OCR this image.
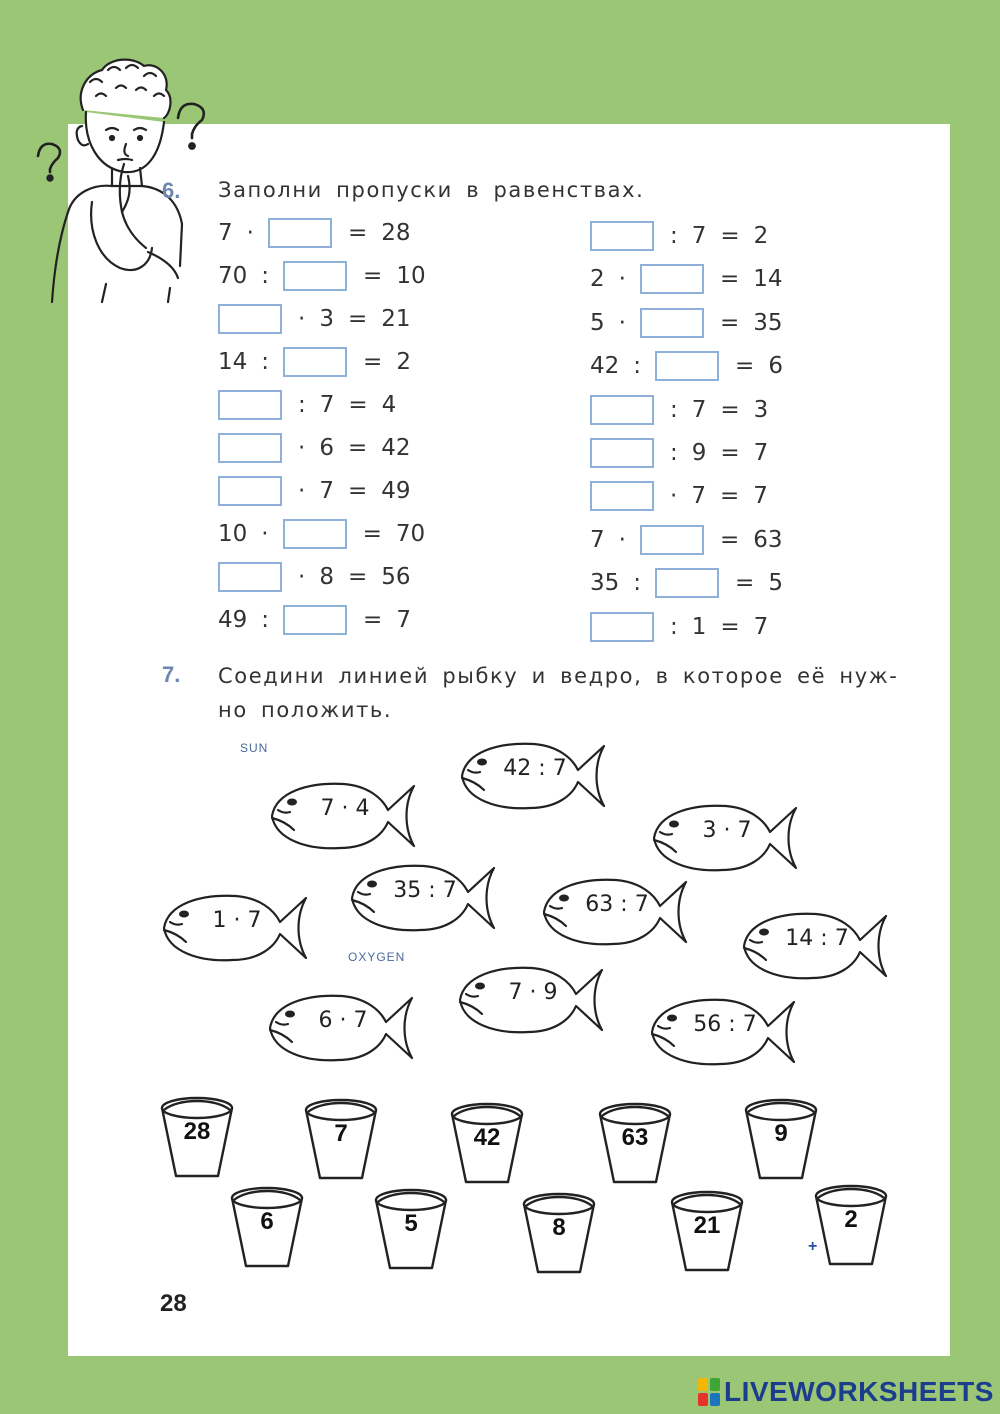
6. Заполни пропуски в равенствах.
7 ·	= 28
70 :	= 10
· 3 = 21
14 :	= 2
: 7 = 4
· 6 = 42
· 7 = 49
10 ·	= 70
· 8 = 56
49 :	= 7
: 7 = 2
2 ·	= 14
5 ·	= 35
42 :	= 6
: 7 = 3
: 9 = 7
· 7 = 7
7 ·	= 63
35 :	= 5
: 1 = 7
7. Соедини линией рыбку и ведро, в которое её нуж-
но положить.
SUN
OXYGEN
42 : 7
7 · 4
3 · 7
35 : 7
63 : 7
1 · 7
14 : 7
7 · 9
6 · 7	56 : 7
28	7	42	63	9
6	5	8	21	2
28
+
LIVEWORKSHEETS
